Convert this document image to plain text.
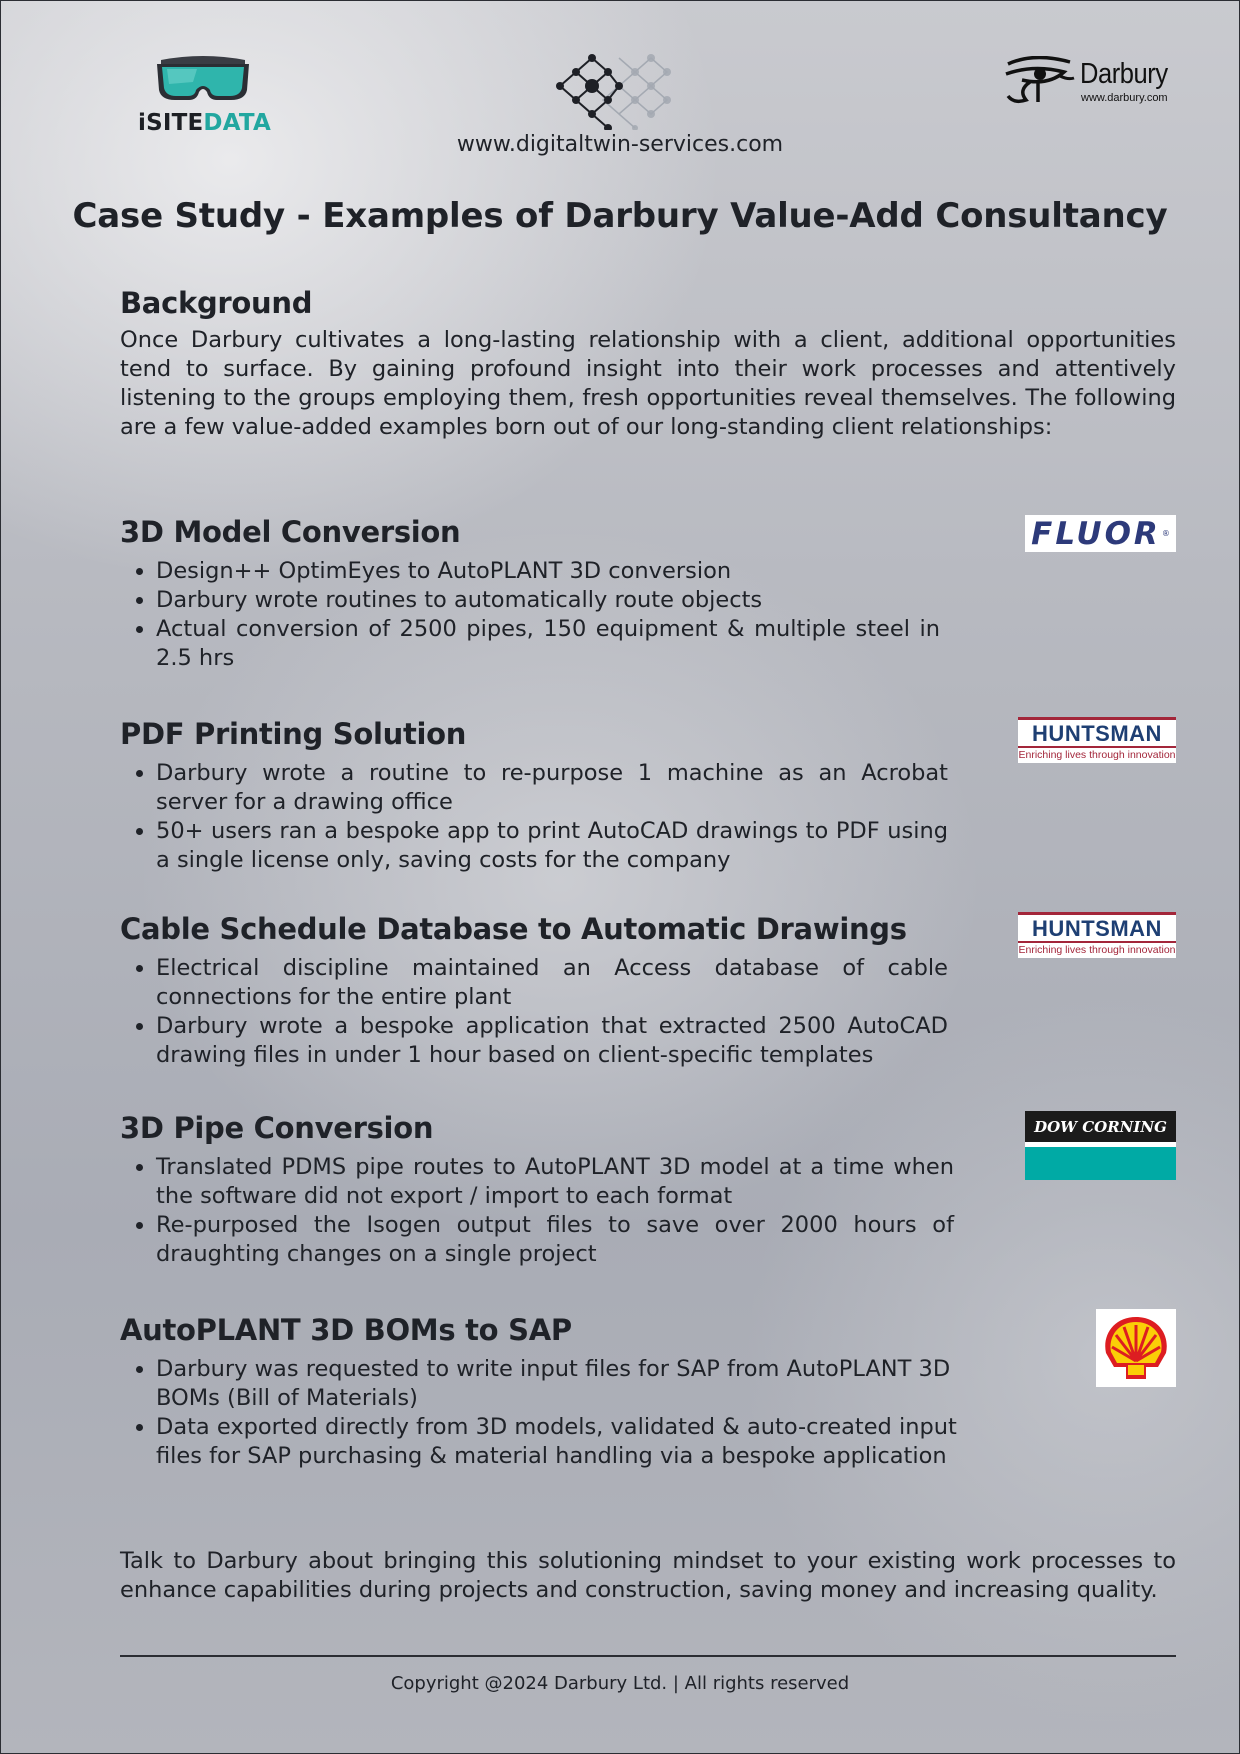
iSITEDATA
www.digitaltwin-services.com
Darbury
www.darbury.com
Case Study - Examples of Darbury Value-Add Consultancy
Background

Once Darbury cultivates a long-lasting relationship with a client, additional opportunities tend to surface. By gaining profound insight into their work processes and attentively listening to the groups employing them, fresh opportunities reveal themselves. The following are a few value-added examples born out of our long-standing client relationships:

3D Model Conversion
• Design++ OptimEyes to AutoPLANT 3D conversion
• Darbury wrote routines to automatically route objects
• Actual conversion of 2500 pipes, 150 equipment & multiple steel in 2.5 hrs
FLUOR ®
PDF Printing Solution
• Darbury wrote a routine to re-purpose 1 machine as an Acrobat server for a drawing office
• 50+ users ran a bespoke app to print AutoCAD drawings to PDF using a single license only, saving costs for the company
HUNTSMAN
Enriching lives through innovation
Cable Schedule Database to Automatic Drawings
• Electrical discipline maintained an Access database of cable connections for the entire plant
• Darbury wrote a bespoke application that extracted 2500 AutoCAD drawing files in under 1 hour based on client-specific templates
HUNTSMAN
Enriching lives through innovation
3D Pipe Conversion
• Translated PDMS pipe routes to AutoPLANT 3D model at a time when the software did not export / import to each format
• Re-purposed the Isogen output files to save over 2000 hours of draughting changes on a single project
DOW CORNING
AutoPLANT 3D BOMs to SAP
• Darbury was requested to write input files for SAP from AutoPLANT 3D BOMs (Bill of Materials)
• Data exported directly from 3D models, validated & auto-created input files for SAP purchasing & material handling via a bespoke application

Talk to Darbury about bringing this solutioning mindset to your existing work processes to enhance capabilities during projects and construction, saving money and increasing quality.

Copyright @2024 Darbury Ltd. | All rights reserved
